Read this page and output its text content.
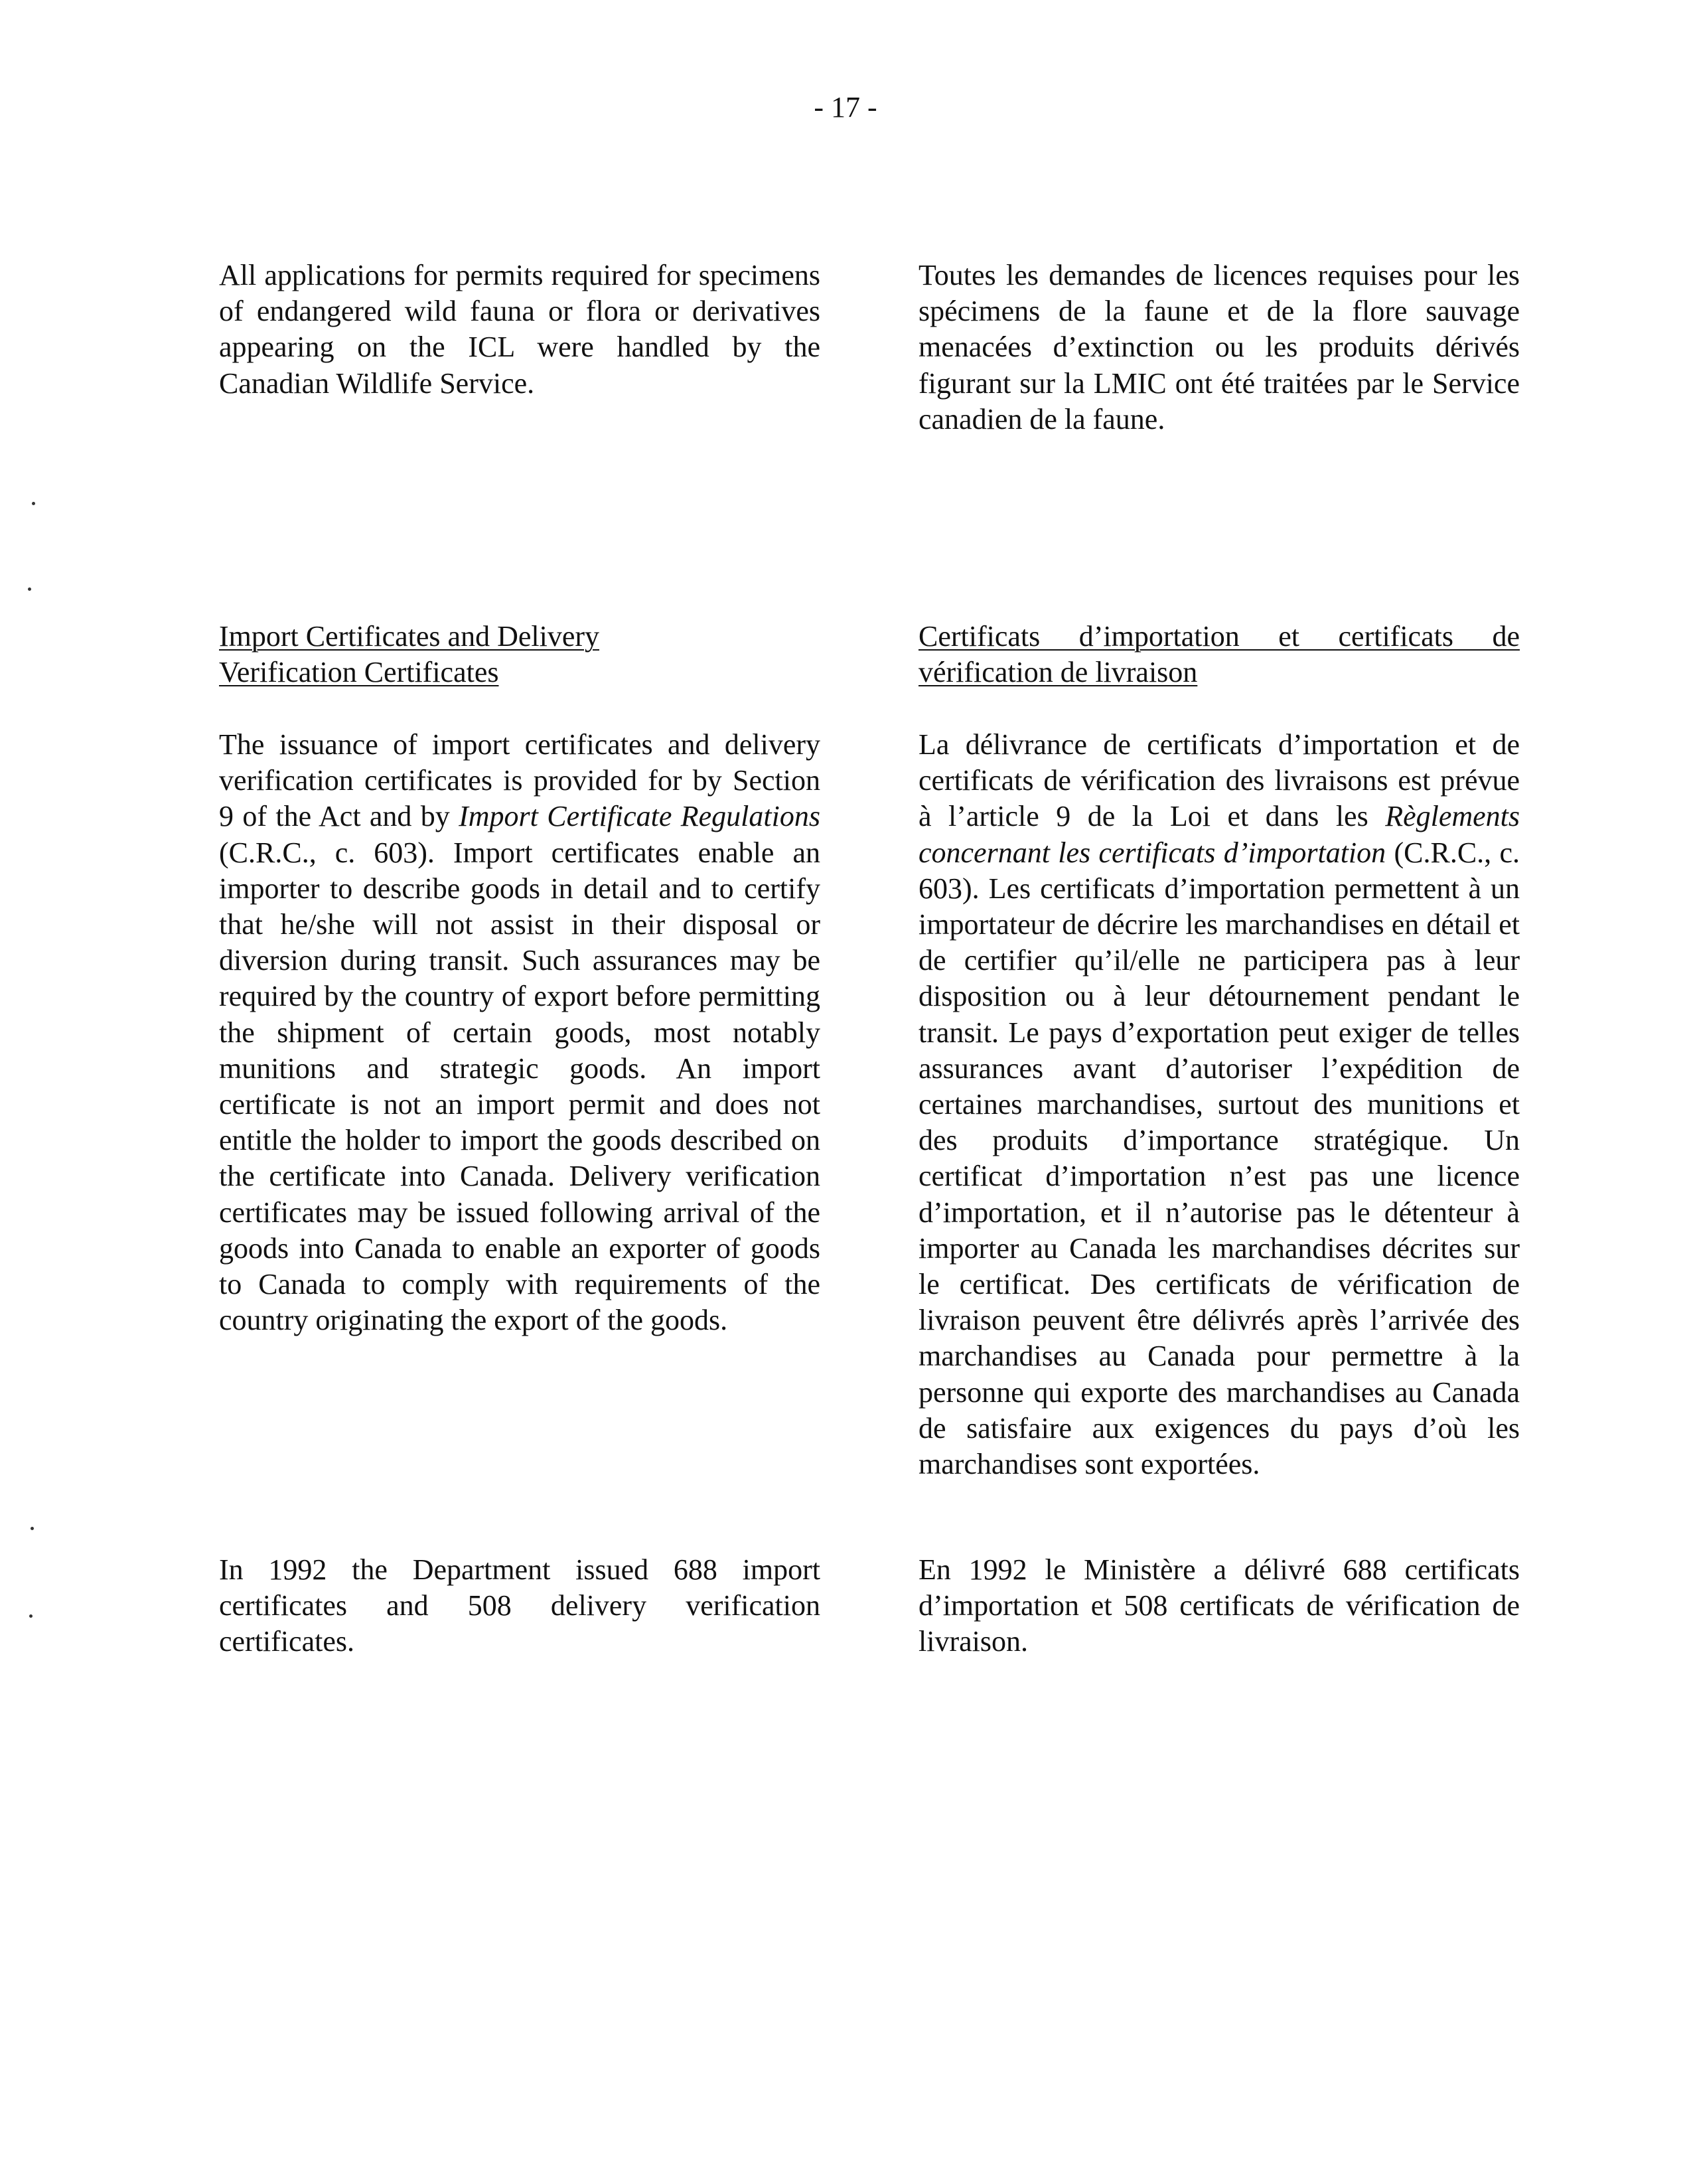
- 17 -

All applications for permits required for specimens of endangered wild fauna or flora or derivatives appearing on the ICL were handled by the Canadian Wildlife Service.

Import Certificates and Delivery
Verification Certificates

The issuance of import certificates and delivery verification certificates is provided for by Section 9 of the Act and by Import Certificate Regulations (C.R.C., c. 603). Import certificates enable an importer to describe goods in detail and to certify that he/she will not assist in their disposal or diversion during transit. Such assurances may be required by the country of export before permitting the shipment of certain goods, most notably munitions and strategic goods. An import certificate is not an import permit and does not entitle the holder to import the goods described on the certificate into Canada. Delivery verification certificates may be issued following arrival of the goods into Canada to enable an exporter of goods to Canada to comply with requirements of the country originating the export of the goods.

In 1992 the Department issued 688 import certificates and 508 delivery verification certificates.

Toutes les demandes de licences requises pour les spécimens de la faune et de la flore sauvage menacées d’extinction ou les produits dérivés figurant sur la LMIC ont été traitées par le Service canadien de la faune.

Certificats d’importation et certificats de
vérification de livraison

La délivrance de certificats d’importation et de certificats de vérification des livraisons est prévue à l’article 9 de la Loi et dans les Règlements concernant les certificats d’importation (C.R.C., c. 603). Les certificats d’importation permettent à un importateur de décrire les marchandises en détail et de certifier qu’il/elle ne participera pas à leur disposition ou à leur détournement pendant le transit. Le pays d’exportation peut exiger de telles assurances avant d’autoriser l’expédition de certaines marchandises, surtout des munitions et des produits d’importance stratégique. Un certificat d’importation n’est pas une licence d’importation, et il n’autorise pas le détenteur à importer au Canada les marchandises décrites sur le certificat. Des certificats de vérification de livraison peuvent être délivrés après l’arrivée des marchandises au Canada pour permettre à la personne qui exporte des marchandises au Canada de satisfaire aux exigences du pays d’où les marchandises sont exportées.

En 1992 le Ministère a délivré 688 certificats d’importation et 508 certificats de vérification de livraison.
